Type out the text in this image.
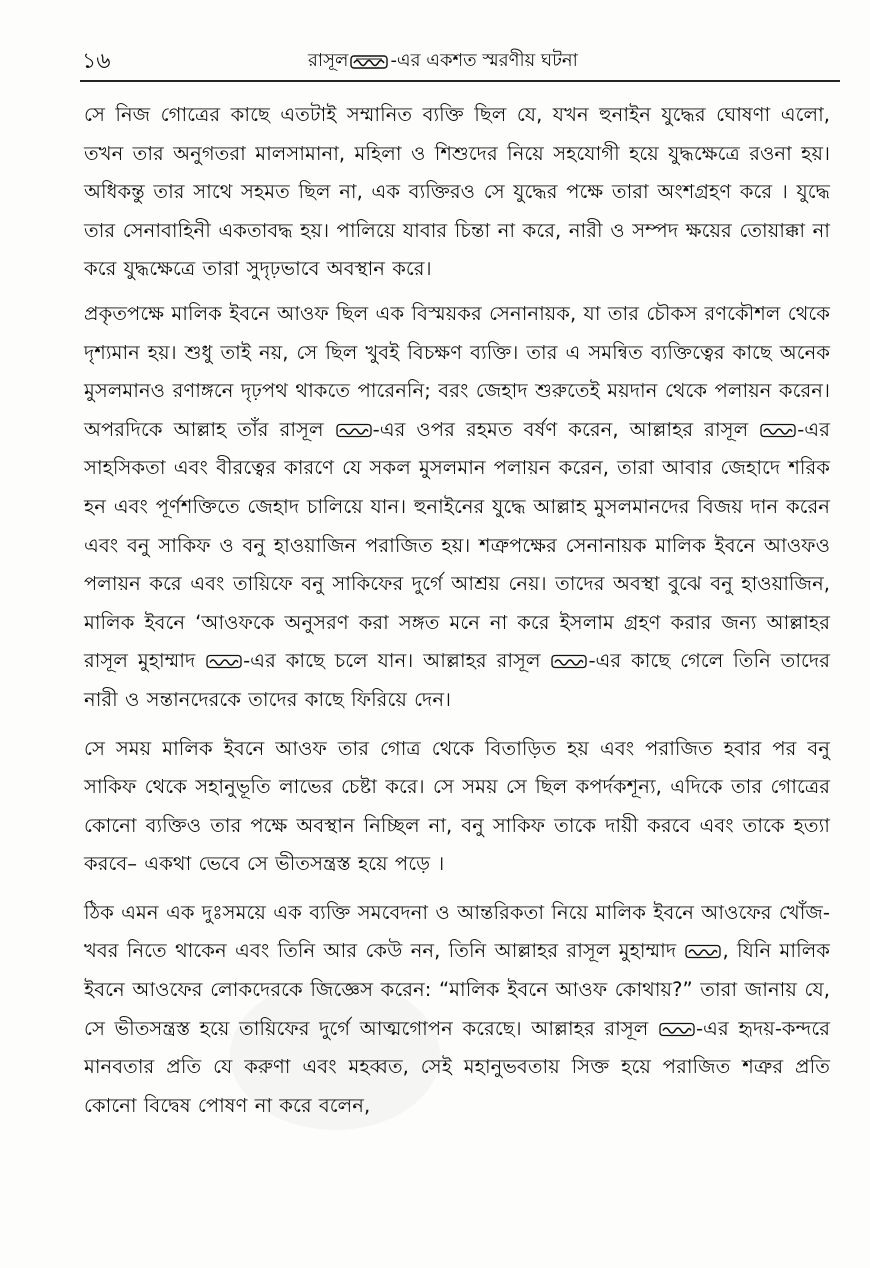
১৬	রাসূল -এর একশত স্মরণীয় ঘটনা

সে নিজ গোত্রের কাছে এতটাই সম্মানিত ব্যক্তি ছিল যে, যখন হুনাইন যুদ্ধের ঘোষণা এলো, তখন তার অনুগতরা মালসামানা, মহিলা ও শিশুদের নিয়ে সহযোগী হয়ে যুদ্ধক্ষেত্রে রওনা হয়। অধিকন্তু তার সাথে সহমত ছিল না, এক ব্যক্তিরও সে যুদ্ধের পক্ষে তারা অংশগ্রহণ করে । যুদ্ধে তার সেনাবাহিনী একতাবদ্ধ হয়। পালিয়ে যাবার চিন্তা না করে, নারী ও সম্পদ ক্ষয়ের তোয়াক্কা না করে যুদ্ধক্ষেত্রে তারা সুদৃঢ়ভাবে অবস্থান করে।

প্রকৃতপক্ষে মালিক ইবনে আওফ ছিল এক বিস্ময়কর সেনানায়ক, যা তার চৌকস রণকৌশল থেকে দৃশ্যমান হয়। শুধু তাই নয়, সে ছিল খুবই বিচক্ষণ ব্যক্তি। তার এ সমন্বিত ব্যক্তিত্বের কাছে অনেক মুসলমানও রণাঙ্গনে দৃঢ়পথ থাকতে পারেননি; বরং জেহাদ শুরুতেই ময়দান থেকে পলায়ন করেন। অপরদিকে আল্লাহ তাঁর রাসূল -এর ওপর রহমত বর্ষণ করেন, আল্লাহর রাসূল -এর সাহসিকতা এবং বীরত্বের কারণে যে সকল মুসলমান পলায়ন করেন, তারা আবার জেহাদে শরিক হন এবং পূর্ণশক্তিতে জেহাদ চালিয়ে যান। হুনাইনের যুদ্ধে আল্লাহ মুসলমানদের বিজয় দান করেন এবং বনু সাকিফ ও বনু হাওয়াজিন পরাজিত হয়। শত্রুপক্ষের সেনানায়ক মালিক ইবনে আওফও পলায়ন করে এবং তায়িফে বনু সাকিফের দুর্গে আশ্রয় নেয়। তাদের অবস্থা বুঝে বনু হাওয়াজিন, মালিক ইবনে ‘আওফকে অনুসরণ করা সঙ্গত মনে না করে ইসলাম গ্রহণ করার জন্য আল্লাহর রাসূল মুহাম্মাদ -এর কাছে চলে যান। আল্লাহর রাসূল -এর কাছে গেলে তিনি তাদের নারী ও সন্তানদেরকে তাদের কাছে ফিরিয়ে দেন।

সে সময় মালিক ইবনে আওফ তার গোত্র থেকে বিতাড়িত হয় এবং পরাজিত হবার পর বনু সাকিফ থেকে সহানুভূতি লাভের চেষ্টা করে। সে সময় সে ছিল কপর্দকশূন্য, এদিকে তার গোত্রের কোনো ব্যক্তিও তার পক্ষে অবস্থান নিচ্ছিল না, বনু সাকিফ তাকে দায়ী করবে এবং তাকে হত্যা করবে– একথা ভেবে সে ভীতসন্ত্রস্ত হয়ে পড়ে ।

ঠিক এমন এক দুঃসময়ে এক ব্যক্তি সমবেদনা ও আন্তরিকতা নিয়ে মালিক ইবনে আওফের খোঁজ-খবর নিতে থাকেন এবং তিনি আর কেউ নন, তিনি আল্লাহর রাসূল মুহাম্মাদ , যিনি মালিক ইবনে আওফের লোকদেরকে জিজ্ঞেস করেন: “মালিক ইবনে আওফ কোথায়?” তারা জানায় যে, সে ভীতসন্ত্রস্ত হয়ে তায়িফের দুর্গে আত্মগোপন করেছে। আল্লাহর রাসূল -এর হৃদয়-কন্দরে মানবতার প্রতি যে করুণা এবং মহব্বত, সেই মহানুভবতায় সিক্ত হয়ে পরাজিত শত্রুর প্রতি কোনো বিদ্বেষ পোষণ না করে বলেন,
